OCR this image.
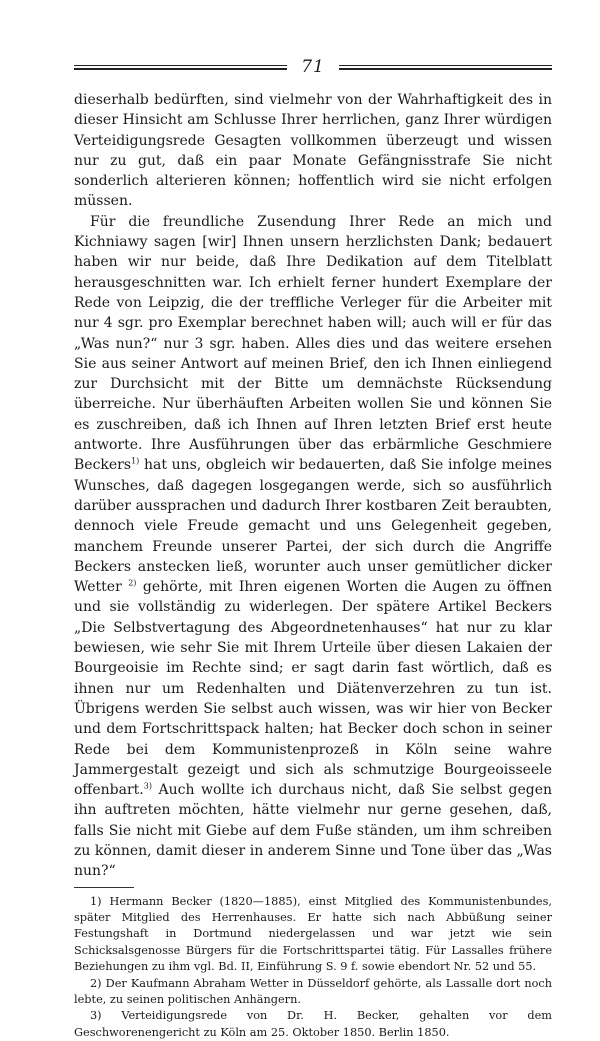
71

dieserhalb bedürften, sind vielmehr von der Wahrhaftigkeit des in dieser Hinsicht am Schlusse Ihrer herrlichen, ganz Ihrer würdigen Verteidigungsrede Gesagten vollkommen überzeugt und wissen nur zu gut, daß ein paar Monate Gefängnisstrafe Sie nicht sonderlich alterieren können; hoffentlich wird sie nicht erfolgen müssen.

Für die freundliche Zusendung Ihrer Rede an mich und Kichniawy sagen [wir] Ihnen unsern herzlichsten Dank; bedauert haben wir nur beide, daß Ihre Dedikation auf dem Titelblatt herausgeschnitten war. Ich erhielt ferner hundert Exemplare der Rede von Leipzig, die der treffliche Verleger für die Arbeiter mit nur 4 sgr. pro Exemplar berechnet haben will; auch will er für das „Was nun?“ nur 3 sgr. haben. Alles dies und das weitere ersehen Sie aus seiner Antwort auf meinen Brief, den ich Ihnen einliegend zur Durchsicht mit der Bitte um demnächste Rücksendung überreiche. Nur überhäuften Arbeiten wollen Sie und können Sie es zuschreiben, daß ich Ihnen auf Ihren letzten Brief erst heute antworte. Ihre Ausführungen über das erbärmliche Geschmiere Beckers$^{1)}$ hat uns, obgleich wir bedauerten, daß Sie infolge meines Wunsches, daß dagegen losgegangen werde, sich so ausführlich darüber aussprachen und dadurch Ihrer kostbaren Zeit beraubten, dennoch viele Freude gemacht und uns Gelegenheit gegeben, manchem Freunde unserer Partei, der sich durch die Angriffe Beckers anstecken ließ, worunter auch unser gemütlicher dicker Wetter $^{2)}$ gehörte, mit Ihren eigenen Worten die Augen zu öffnen und sie vollständig zu widerlegen. Der spätere Artikel Beckers „Die Selbstvertagung des Abgeordnetenhauses“ hat nur zu klar bewiesen, wie sehr Sie mit Ihrem Urteile über diesen Lakaien der Bourgeoisie im Rechte sind; er sagt darin fast wörtlich, daß es ihnen nur um Redenhalten und Diätenverzehren zu tun ist. Übrigens werden Sie selbst auch wissen, was wir hier von Becker und dem Fortschrittspack halten; hat Becker doch schon in seiner Rede bei dem Kommunistenprozeß in Köln seine wahre Jammergestalt gezeigt und sich als schmutzige Bourgeoisseele offenbart.$^{3)}$ Auch wollte ich durchaus nicht, daß Sie selbst gegen ihn auftreten möchten, hätte vielmehr nur gerne gesehen, daß, falls Sie nicht mit Giebe auf dem Fuße ständen, um ihm schreiben zu können, damit dieser in anderem Sinne und Tone über das „Was nun?“

1) Hermann Becker (1820—1885), einst Mitglied des Kommunistenbundes, später Mitglied des Herrenhauses. Er hatte sich nach Abbüßung seiner Festungshaft in Dortmund niedergelassen und war jetzt wie sein Schicksalsgenosse Bürgers für die Fortschrittspartei tätig. Für Lassalles frühere Beziehungen zu ihm vgl. Bd. II, Einführung S. 9 f. sowie ebendort Nr. 52 und 55.

2) Der Kaufmann Abraham Wetter in Düsseldorf gehörte, als Lassalle dort noch lebte, zu seinen politischen Anhängern.

3) Verteidigungsrede von Dr. H. Becker, gehalten vor dem Geschworenengericht zu Köln am 25. Oktober 1850. Berlin 1850.
